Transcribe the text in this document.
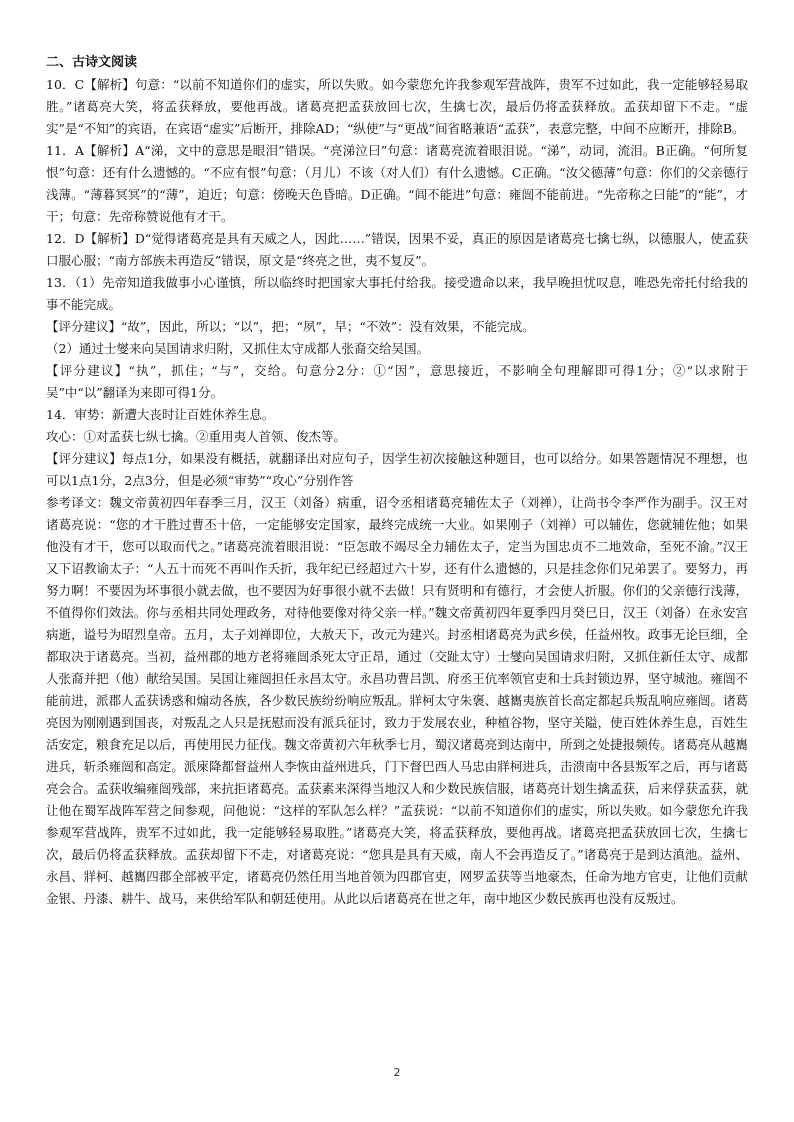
二、古诗文阅读
10．C【解析】句意：“以前不知道你们的虚实，所以失败。如今蒙您允许我参观军营战阵，贵军不过如此，我一定能够轻易取胜。”诸葛亮大笑，将孟获释放，要他再战。诸葛亮把孟获放回七次，生擒七次，最后仍将孟获释放。孟获却留下不走。“虚实”是“不知”的宾语，在宾语“虚实”后断开，排除AD；“纵使”与“更战”间省略兼语“孟获”，表意完整，中间不应断开，排除B。
11．A【解析】A“涕，文中的意思是眼泪”错误。“亮涕泣曰”句意：诸葛亮流着眼泪说。“涕”，动词，流泪。B正确。“何所复恨”句意：还有什么遗憾的。“不应有恨”句意：（月儿）不该（对人们）有什么遗憾。C正确。“汝父德薄”句意：你们的父亲德行浅薄。“薄暮冥冥”的“薄”，迫近；句意：傍晚天色昏暗。D正确。“闾不能进”句意：雍闿不能前进。“先帝称之曰能”的“能”，才干；句意：先帝称赞说他有才干。
12．D【解析】D“觉得诸葛亮是具有天威之人，因此……”错误，因果不妥，真正的原因是诸葛亮七擒七纵，以德服人，使孟获口服心服；“南方部族未再造反”错误，原文是“终亮之世，夷不复反”。
13．（1）先帝知道我做事小心谨慎，所以临终时把国家大事托付给我。接受遗命以来，我早晚担忧叹息，唯恐先帝托付给我的事不能完成。
【评分建议】“故”，因此，所以；“以”，把；“夙”，早；“不效”：没有效果，不能完成。
（2）通过士燮来向吴国请求归附，又抓住太守成都人张裔交给吴国。
【评分建议】“执”，抓住；“与”，交给。句意分2分：①“因”，意思接近，不影响全句理解即可得1分；②“以求附于吴”中“以”翻译为来即可得1分。
14．审势：新遭大丧时让百姓休养生息。
攻心：①对孟获七纵七擒。②重用夷人首领、俊杰等。
【评分建议】每点1分，如果没有概括，就翻译出对应句子，因学生初次接触这种题目，也可以给分。如果答题情况不理想，也可以1点1分，2点3分，但是必须“审势”“攻心”分别作答
参考译文：魏文帝黄初四年春季三月，汉王（刘备）病重，诏令丞相诸葛亮辅佐太子（刘禅），让尚书令李严作为副手。汉王对诸葛亮说：“您的才干胜过曹丕十倍，一定能够安定国家，最终完成统一大业。如果刚子（刘禅）可以辅佐，您就辅佐他；如果他没有才干，您可以取而代之。”诸葛亮流着眼泪说：“臣怎敢不竭尽全力辅佐太子，定当为国忠贞不二地效命，至死不渝。”汉王又下诏教谕太子：“人五十而死不再叫作夭折，我年纪已经超过六十岁，还有什么遗憾的，只是挂念你们兄弟罢了。要努力，再努力啊！不要因为坏事很小就去做，也不要因为好事很小就不去做！只有贤明和有德行，才会使人折服。你们的父亲德行浅薄，不值得你们效法。你与丞相共同处理政务，对待他要像对待父亲一样。”魏文帝黄初四年夏季四月癸巳日，汉王（刘备）在永安宫病逝，谥号为昭烈皇帝。五月，太子刘禅即位，大赦天下，改元为建兴。封丞相诸葛亮为武乡侯，任益州牧。政事无论巨细，全都取决于诸葛亮。当初，益州郡的地方老将雍闿杀死太守正昂，通过（交趾太守）士燮向吴国请求归附，又抓住新任太守、成都人张裔并把（他）献给吴国。吴国让雍闿担任永昌太守。永昌功曹吕凯、府丞王伉率领官吏和士兵封锁边界，坚守城池。雍闿不能前进，派郡人孟获诱惑和煽动各族，各少数民族纷纷响应叛乱。牂柯太守朱褒、越巂夷族首长高定都起兵叛乱响应雍闿。诸葛亮因为刚刚遇到国丧，对叛乱之人只是抚慰而没有派兵征讨，致力于发展农业，种植谷物，坚守关隘，使百姓休养生息，百姓生活安定，粮食充足以后，再使用民力征伐。魏文帝黄初六年秋季七月，蜀汉诸葛亮到达南中，所到之处捷报频传。诸葛亮从越巂进兵，斩杀雍闿和高定。派庲降都督益州人李恢由益州进兵，门下督巴西人马忠由牂柯进兵，击溃南中各县叛军之后，再与诸葛亮会合。孟获收编雍闿残部，来抗拒诸葛亮。孟获素来深得当地汉人和少数民族信服，诸葛亮计划生擒孟获，后来俘获孟获，就让他在蜀军战阵军营之间参观，问他说：“这样的军队怎么样？”孟获说：“以前不知道你们的虚实，所以失败。如今蒙您允许我参观军营战阵，贵军不过如此，我一定能够轻易取胜。”诸葛亮大笑，将孟获释放，要他再战。诸葛亮把孟获放回七次，生擒七次，最后仍将孟获释放。孟获却留下不走，对诸葛亮说：“您具是具有天威，南人不会再造反了。”诸葛亮于是到达滇池。益州、永昌、牂柯、越巂四郡全部被平定，诸葛亮仍然任用当地首领为四郡官吏，网罗孟获等当地豪杰，任命为地方官吏，让他们贡献金银、丹漆、耕牛、战马，来供给军队和朝廷使用。从此以后诸葛亮在世之年，南中地区少数民族再也没有反叛过。
2
